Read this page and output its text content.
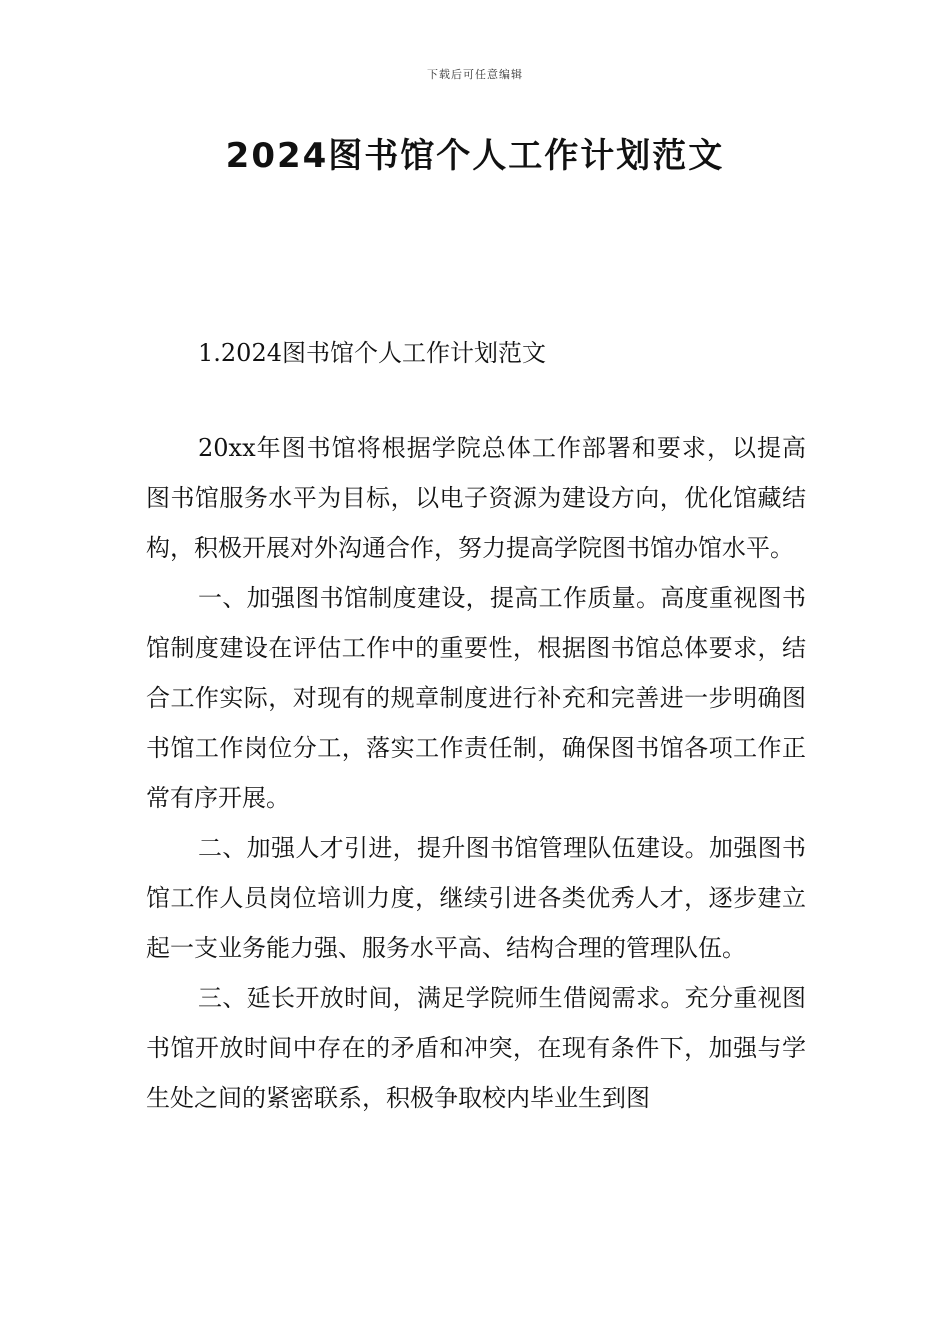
下载后可任意编辑
2024图书馆个人工作计划范文
1.2024图书馆个人工作计划范文

20xx年图书馆将根据学院总体工作部署和要求，以提高图书馆服务水平为目标，以电子资源为建设方向，优化馆藏结构，积极开展对外沟通合作，努力提高学院图书馆办馆水平。

一、加强图书馆制度建设，提高工作质量。高度重视图书馆制度建设在评估工作中的重要性，根据图书馆总体要求，结合工作实际，对现有的规章制度进行补充和完善进一步明确图书馆工作岗位分工，落实工作责任制，确保图书馆各项工作正常有序开展。

二、加强人才引进，提升图书馆管理队伍建设。加强图书馆工作人员岗位培训力度，继续引进各类优秀人才，逐步建立起一支业务能力强、服务水平高、结构合理的管理队伍。

三、延长开放时间，满足学院师生借阅需求。充分重视图书馆开放时间中存在的矛盾和冲突，在现有条件下，加强与学生处之间的紧密联系，积极争取校内毕业生到图
